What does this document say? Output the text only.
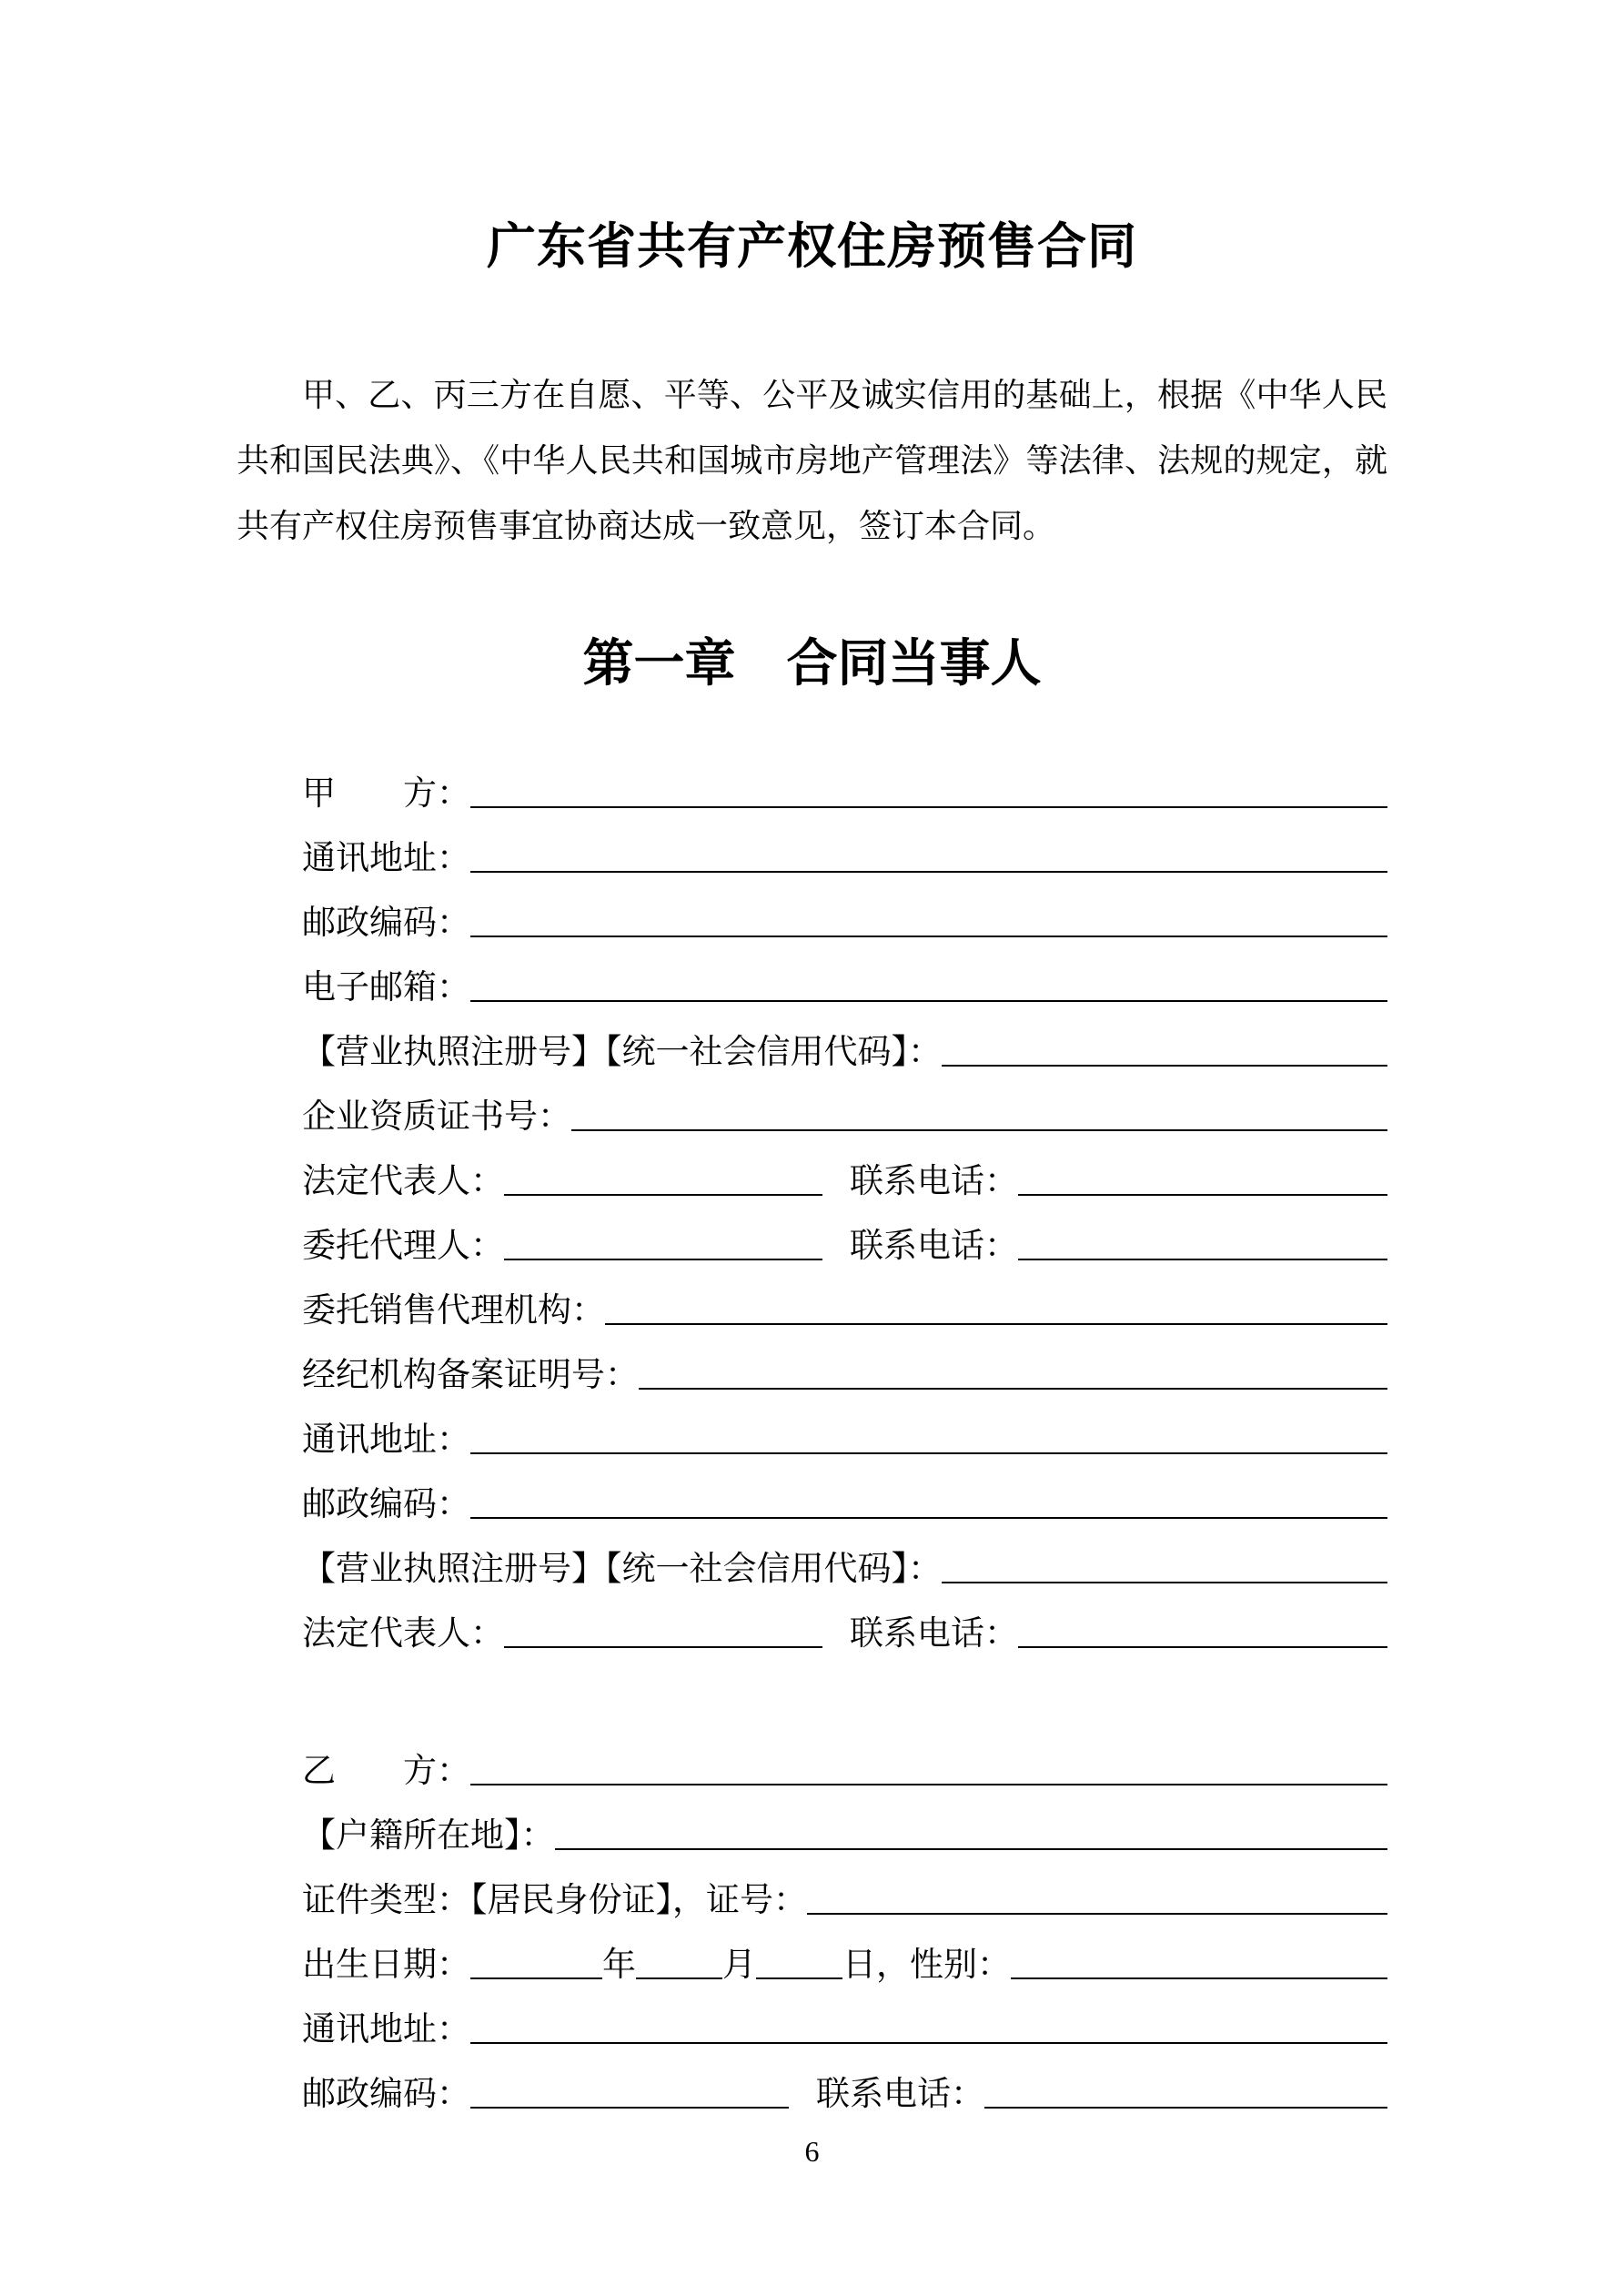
广东省共有产权住房预售合同

甲、乙、丙三方在自愿、平等、公平及诚实信用的基础上，根据《中华人民共和国民法典》、《中华人民共和国城市房地产管理法》等法律、法规的规定，就共有产权住房预售事宜协商达成一致意见，签订本合同。

第一章　合同当事人
甲　　方：
通讯地址：
邮政编码：
电子邮箱：
【营业执照注册号】【统一社会信用代码】：
企业资质证书号：
法定代表人：	联系电话：
委托代理人：	联系电话：
委托销售代理机构：
经纪机构备案证明号：
通讯地址：
邮政编码：
【营业执照注册号】【统一社会信用代码】：
法定代表人：	联系电话：
乙　　方：
【户籍所在地】：
证件类型：【居民身份证】，证号：
出生日期：	年	月	日，性别：
通讯地址：
邮政编码：	联系电话：
6
